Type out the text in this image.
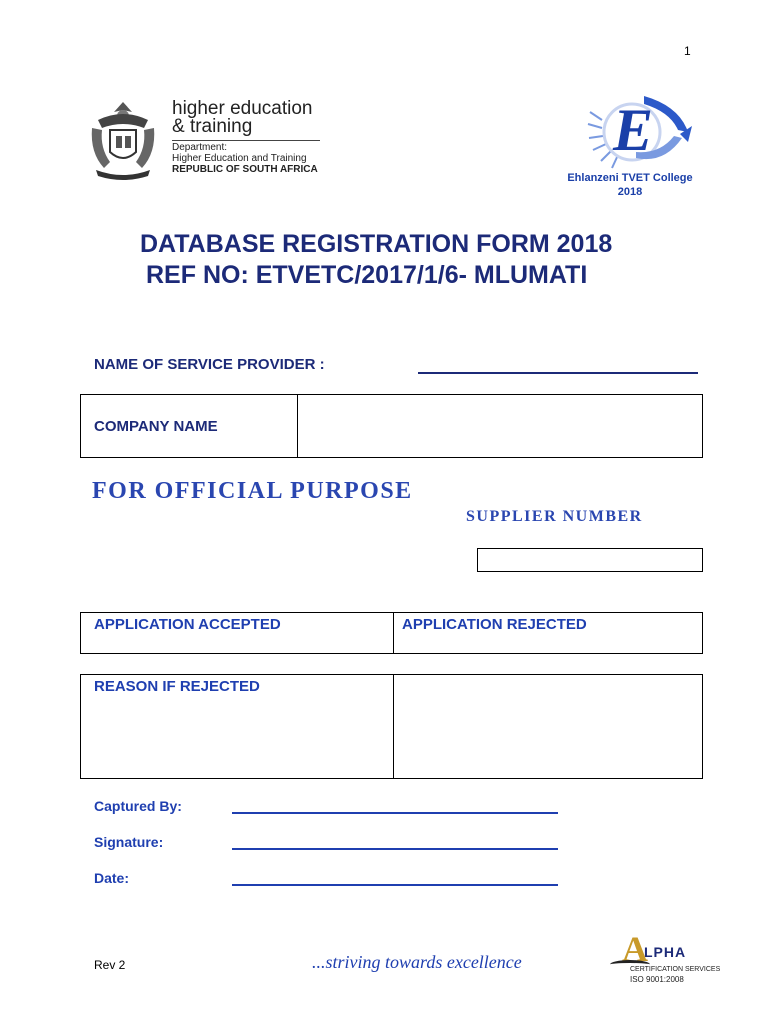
1
higher education
& training
Department:
Higher Education and Training
REPUBLIC OF SOUTH AFRICA
E
Ehlanzeni TVET College
2018
DATABASE REGISTRATION FORM 2018
REF NO: ETVETC/2017/1/6- MLUMATI
NAME OF SERVICE PROVIDER :
COMPANY NAME
FOR OFFICIAL PURPOSE
SUPPLIER NUMBER
APPLICATION ACCEPTED	APPLICATION REJECTED
REASON IF REJECTED
Captured By:
Signature:
Date:
Rev 2	...striving towards excellence	A
LPHA
CERTIFICATION SERVICES
ISO 9001:2008
